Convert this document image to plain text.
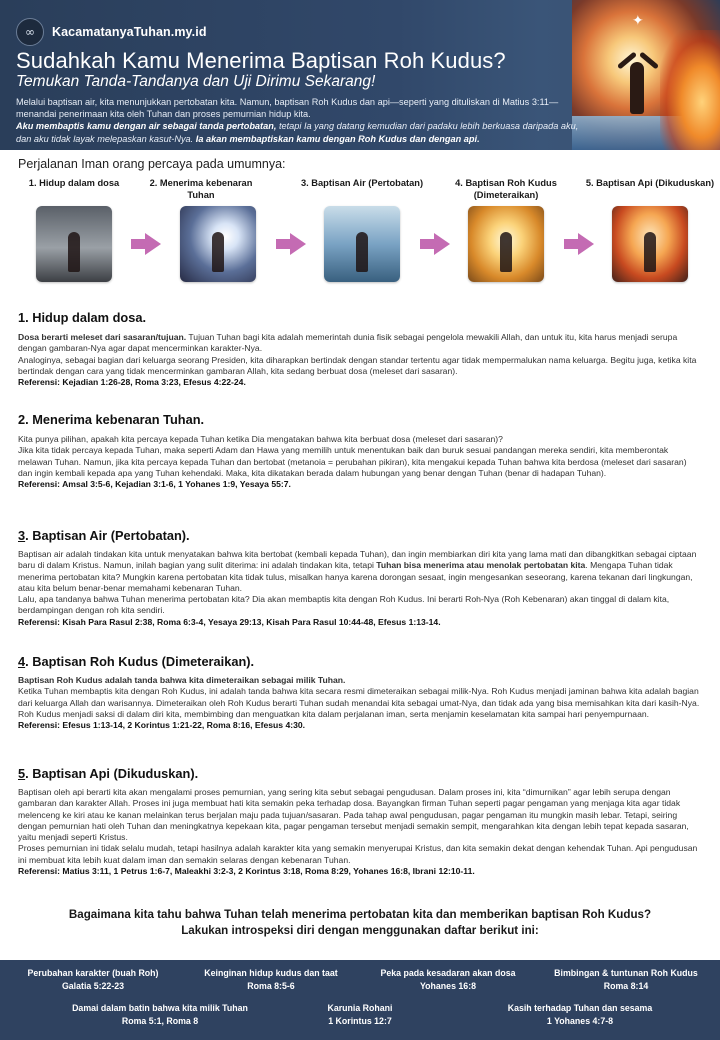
✦
∞	KacamatanyaTuhan.my.id
Sudahkah Kamu Menerima Baptisan Roh Kudus?
Temukan Tanda-Tandanya dan Uji Dirimu Sekarang!
Melalui baptisan air, kita menunjukkan pertobatan kita. Namun, baptisan Roh Kudus dan api—seperti yang dituliskan di Matius 3:11—menandai penerimaan kita oleh Tuhan dan proses pemurnian hidup kita.
Aku membaptis kamu dengan air sebagai tanda pertobatan, tetapi Ia yang datang kemudian dari padaku lebih berkuasa daripada aku, dan aku tidak layak melepaskan kasut-Nya. Ia akan membaptiskan kamu dengan Roh Kudus dan dengan api.
Perjalanan Iman orang percaya pada umumnya:
1. Hidup dalam dosa	2. Menerima kebenaran Tuhan
3. Baptisan Air (Pertobatan)	4. Baptisan Roh Kudus (Dimeteraikan)
5. Baptisan Api (Dikuduskan)
1. Hidup dalam dosa.

Dosa berarti meleset dari sasaran/tujuan. Tujuan Tuhan bagi kita adalah memerintah dunia fisik sebagai pengelola mewakili Allah, dan untuk itu, kita harus menjadi serupa dengan gambaran-Nya agar dapat mencerminkan karakter-Nya.

Analoginya, sebagai bagian dari keluarga seorang Presiden, kita diharapkan bertindak dengan standar tertentu agar tidak mempermalukan nama keluarga. Begitu juga, ketika kita bertindak dengan cara yang tidak mencerminkan gambaran Allah, kita sedang berbuat dosa (meleset dari sasaran).

Referensi: Kejadian 1:26-28, Roma 3:23, Efesus 4:22-24.

2. Menerima kebenaran Tuhan.

Kita punya pilihan, apakah kita percaya kepada Tuhan ketika Dia mengatakan bahwa kita berbuat dosa (meleset dari sasaran)?

Jika kita tidak percaya kepada Tuhan, maka seperti Adam dan Hawa yang memilih untuk menentukan baik dan buruk sesuai pandangan mereka sendiri, kita memberontak melawan Tuhan. Namun, jika kita percaya kepada Tuhan dan bertobat (metanoia = perubahan pikiran), kita mengakui kepada Tuhan bahwa kita berdosa (meleset dari sasaran) dan ingin kembali kepada apa yang Tuhan kehendaki. Maka, kita dikatakan berada dalam hubungan yang benar dengan Tuhan (benar di hadapan Tuhan).

Referensi: Amsal 3:5-6, Kejadian 3:1-6, 1 Yohanes 1:9, Yesaya 55:7.

3. Baptisan Air (Pertobatan).

Baptisan air adalah tindakan kita untuk menyatakan bahwa kita bertobat (kembali kepada Tuhan), dan ingin membiarkan diri kita yang lama mati dan dibangkitkan sebagai ciptaan baru di dalam Kristus. Namun, inilah bagian yang sulit diterima: ini adalah tindakan kita, tetapi Tuhan bisa menerima atau menolak pertobatan kita. Mengapa Tuhan tidak menerima pertobatan kita? Mungkin karena pertobatan kita tidak tulus, misalkan hanya karena dorongan sesaat, ingin mengesankan seseorang, karena tekanan dari lingkungan, atau kita belum benar-benar memahami kebenaran Tuhan.

Lalu, apa tandanya bahwa Tuhan menerima pertobatan kita? Dia akan membaptis kita dengan Roh Kudus. Ini berarti Roh-Nya (Roh Kebenaran) akan tinggal di dalam kita, berdampingan dengan roh kita sendiri.

Referensi: Kisah Para Rasul 2:38, Roma 6:3-4, Yesaya 29:13, Kisah Para Rasul 10:44-48, Efesus 1:13-14.

4. Baptisan Roh Kudus (Dimeteraikan).

Baptisan Roh Kudus adalah tanda bahwa kita dimeteraikan sebagai milik Tuhan.

Ketika Tuhan membaptis kita dengan Roh Kudus, ini adalah tanda bahwa kita secara resmi dimeteraikan sebagai milik-Nya. Roh Kudus menjadi jaminan bahwa kita adalah bagian dari keluarga Allah dan warisannya. Dimeteraikan oleh Roh Kudus berarti Tuhan sudah menandai kita sebagai umat-Nya, dan tidak ada yang bisa memisahkan kita dari kasih-Nya. Roh Kudus menjadi saksi di dalam diri kita, membimbing dan menguatkan kita dalam perjalanan iman, serta menjamin keselamatan kita sampai hari penyempurnaan.

Referensi: Efesus 1:13-14, 2 Korintus 1:21-22, Roma 8:16, Efesus 4:30.

5. Baptisan Api (Dikuduskan).

Baptisan oleh api berarti kita akan mengalami proses pemurnian, yang sering kita sebut sebagai pengudusan. Dalam proses ini, kita “dimurnikan” agar lebih serupa dengan gambaran dan karakter Allah. Proses ini juga membuat hati kita semakin peka terhadap dosa. Bayangkan firman Tuhan seperti pagar pengaman yang menjaga kita agar tidak melenceng ke kiri atau ke kanan melainkan terus berjalan maju pada tujuan/sasaran. Pada tahap awal pengudusan, pagar pengaman itu mungkin masih lebar. Tetapi, seiring dengan pemurnian hati oleh Tuhan dan meningkatnya kepekaan kita, pagar pengaman tersebut menjadi semakin sempit, mengarahkan kita dengan lebih tepat kepada sasaran, yaitu menjadi seperti Kristus.

Proses pemurnian ini tidak selalu mudah, tetapi hasilnya adalah karakter kita yang semakin menyerupai Kristus, dan kita semakin dekat dengan kehendak Tuhan. Api pengudusan ini membuat kita lebih kuat dalam iman dan semakin selaras dengan kebenaran Tuhan.

Referensi: Matius 3:11, 1 Petrus 1:6-7, Maleakhi 3:2-3, 2 Korintus 3:18, Roma 8:29, Yohanes 16:8, Ibrani 12:10-11.

Bagaimana kita tahu bahwa Tuhan telah menerima pertobatan kita dan memberikan baptisan Roh Kudus?
Lakukan introspeksi diri dengan menggunakan daftar berikut ini:
Perubahan karakter (buah Roh)
Galatia 5:22-23
Keinginan hidup kudus dan taat
Roma 8:5-6
Peka pada kesadaran akan dosa
Yohanes 16:8
Bimbingan & tuntunan Roh Kudus
Roma 8:14
Damai dalam batin bahwa kita milik Tuhan
Roma 5:1, Roma 8
Karunia Rohani
1 Korintus 12:7
Kasih terhadap Tuhan dan sesama
1 Yohanes 4:7-8
